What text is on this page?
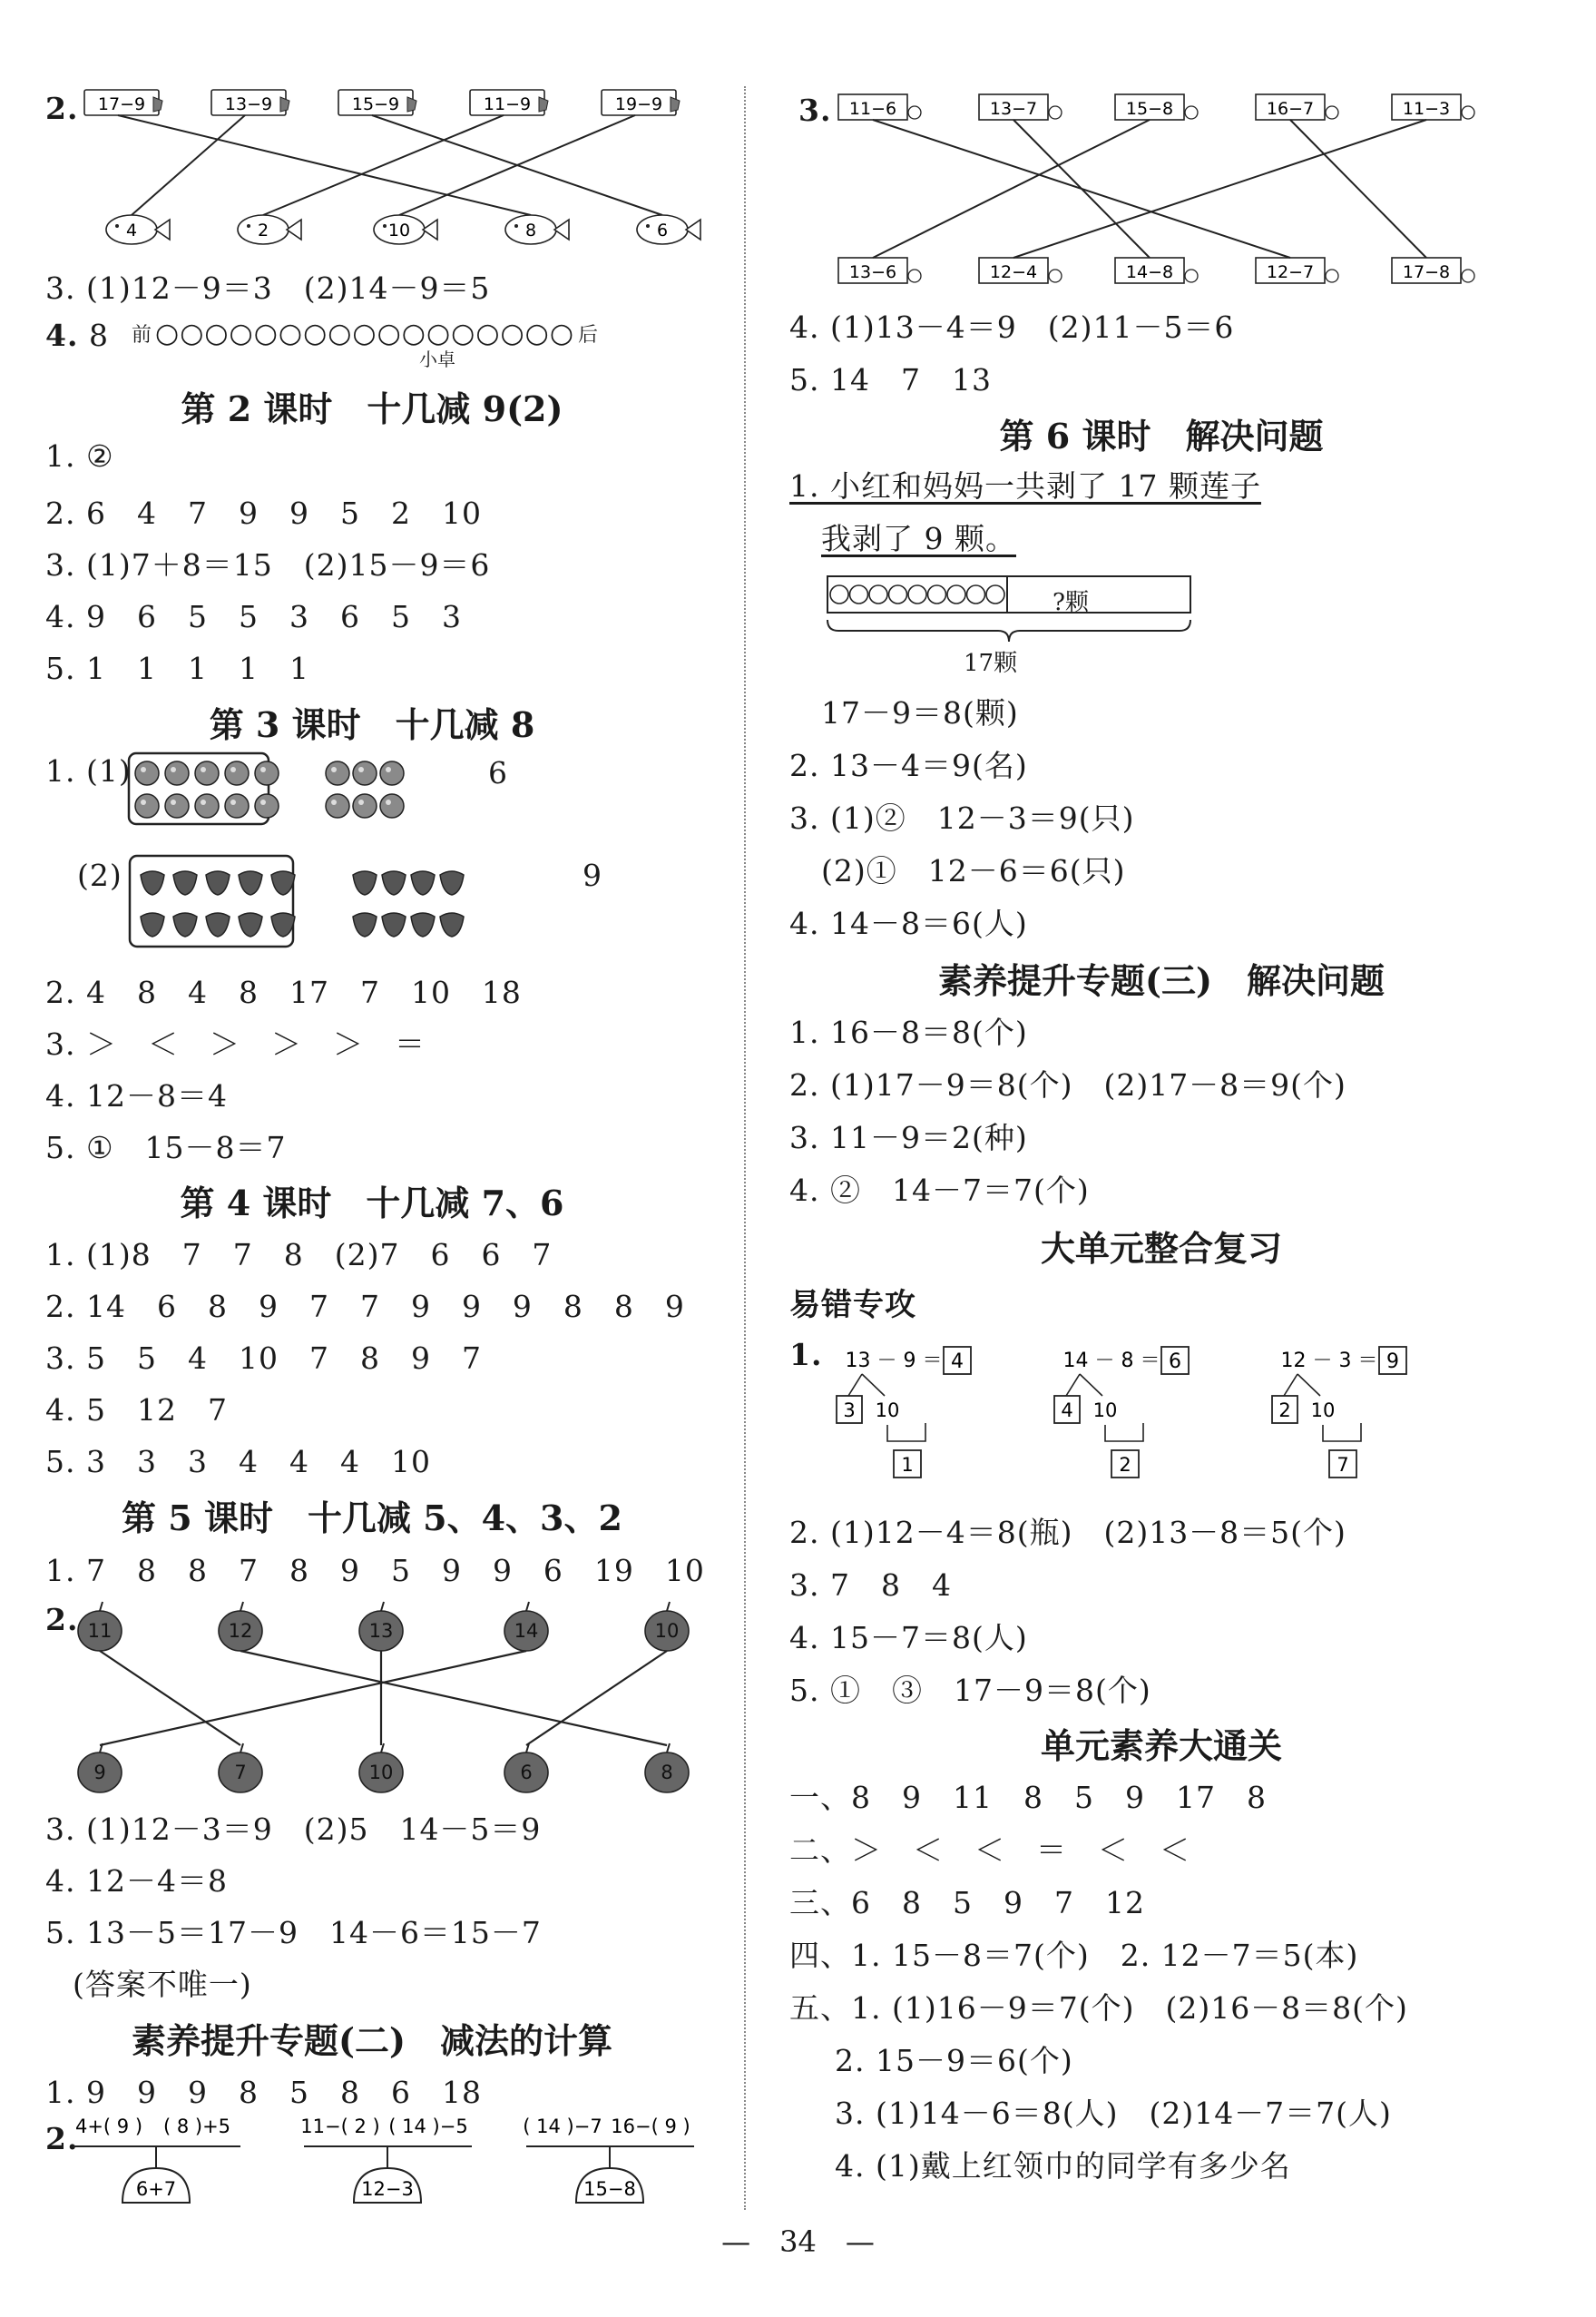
2. 17−9	13−9	15−9	11−9	19−9
4	2	10	8	6
3. (1)12－9＝3　(2)14－9＝5
4. 8 前 ○○○○○○○○○○○○○○○○○ 后
小卓
第 2 课时　十几减 9(2)
1. ②
2. 6　4　7　9　9　5　2　10
3. (1)7＋8＝15　(2)15－9＝6
4. 9　6　5　5　3　6　5　3
5. 1　1　1　1　1
第 3 课时　十几减 8
1. (1)	6
(2)	9
2. 4　8　4　8　17　7　10　18
3. ＞　＜　＞　＞　＞　＝
4. 12－8＝4
5. ①　15－8＝7
第 4 课时　十几减 7、6
1. (1)8　7　7　8　(2)7　6　6　7
2. 14　6　8　9　7　7　9　9　9　8　8　9
3. 5　5　4　10　7　8　9　7
4. 5　12　7
5. 3　3　3　4　4　4　10
第 5 课时　十几减 5、4、3、2
1. 7　8　8　7　8　9　5　9　9　6　19　10
2. 11	12	13	14	10
9	7	10	6	8
3. (1)12－3＝9　(2)5　14－5＝9
4. 12－4＝8
5. 13－5＝17－9　14－6＝15－7
(答案不唯一)
素养提升专题(二)　减法的计算
1. 9　9　9　8　5　8　6　18
2.
4+( 9 ) ( 8 )+5
6+7
11−( 2 ) ( 14 )−5
12−3
( 14 )−7 16−( 9 )
15−8
3. 11−6	13−7	15−8	16−7	11−3
13−6	12−4	14−8	12−7	17−8
4. (1)13－4＝9　(2)11－5＝6
5. 14　7　13
第 6 课时　解决问题
1. 小红和妈妈一共剥了 17 颗莲子
我剥了 9 颗。
?颗
17颗
17－9＝8(颗)
2. 13－4＝9(名)
3. (1)②　12－3＝9(只)
(2)①　12－6＝6(只)
4. 14－8＝6(人)
素养提升专题(三)　解决问题
1. 16－8＝8(个)
2. (1)17－9＝8(个)　(2)17－8＝9(个)
3. 11－9＝2(种)
4. ②　14－7＝7(个)
大单元整合复习
易错专攻
1. 13 － 9 ＝ 4
3 10
1
14 － 8 ＝ 6
4 10
2
12 － 3 ＝ 9
2 10
7
2. (1)12－4＝8(瓶)　(2)13－8＝5(个)
3. 7　8　4
4. 15－7＝8(人)
5. ①　③　17－9＝8(个)
单元素养大通关
一、8　9　11　8　5　9　17　8
二、＞　＜　＜　＝　＜　＜
三、6　8　5　9　7　12
四、1. 15－8＝7(个)　2. 12－7＝5(本)
五、1. (1)16－9＝7(个)　(2)16－8＝8(个)
2. 15－9＝6(个)
3. (1)14－6＝8(人)　(2)14－7＝7(人)
4. (1)戴上红领巾的同学有多少名
—　34　—
